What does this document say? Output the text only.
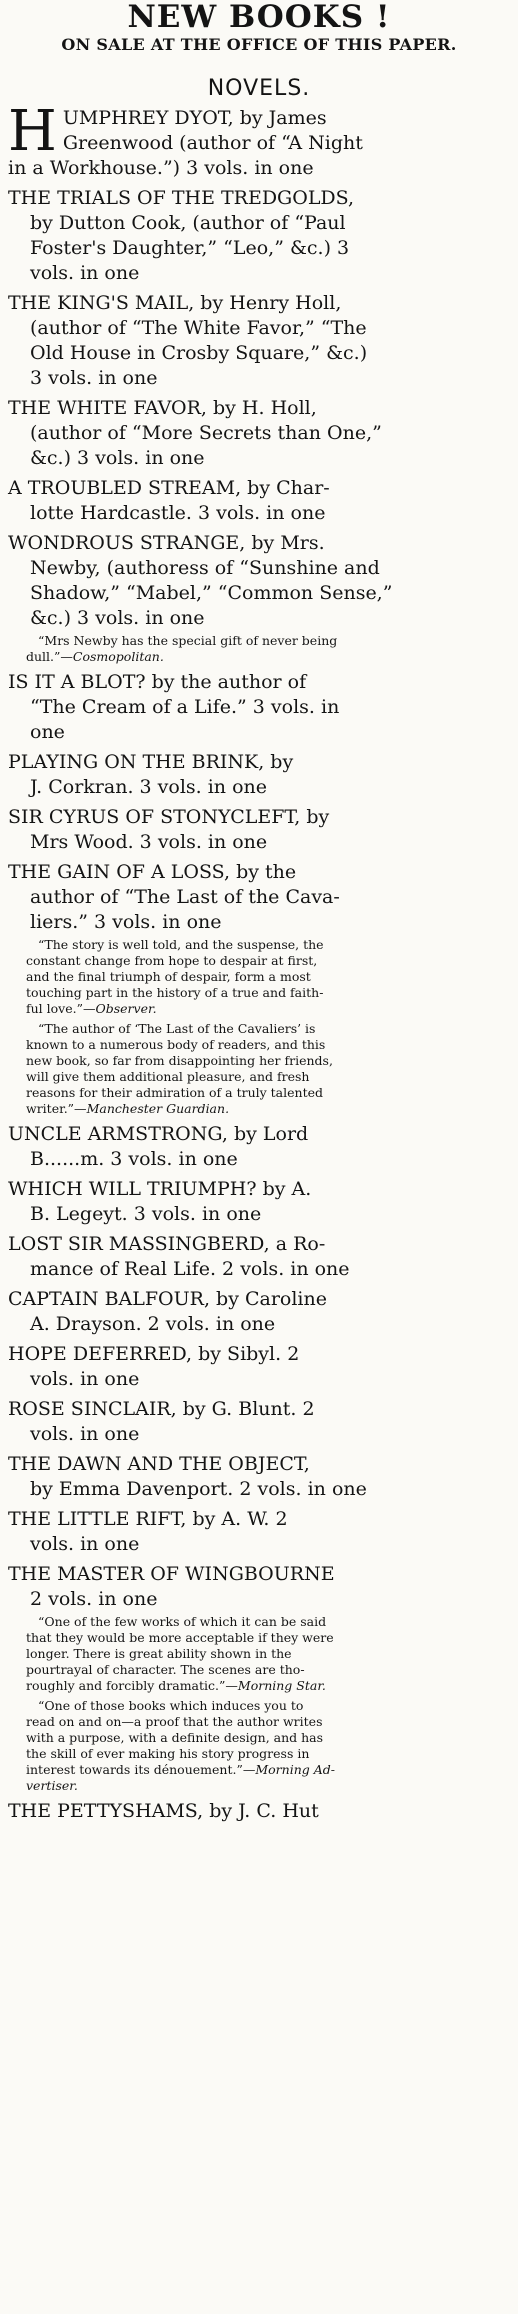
NEW BOOKS !
ON SALE AT THE OFFICE OF THIS PAPER.
NOVELS.
H UMPHREY DYOT, by James
Greenwood (author of “A Night
in a Workhouse.”) 3 vols. in one
THE TRIALS OF THE TREDGOLDS,
by Dutton Cook, (author of “Paul
Foster's Daughter,” “Leo,” &c.) 3
vols. in one
THE KING'S MAIL, by Henry Holl,
(author of “The White Favor,” “The
Old House in Crosby Square,” &c.)
3 vols. in one
THE WHITE FAVOR, by H. Holl,
(author of “More Secrets than One,”
&c.) 3 vols. in one
A TROUBLED STREAM, by Char-
lotte Hardcastle. 3 vols. in one
WONDROUS STRANGE, by Mrs.
Newby, (authoress of “Sunshine and
Shadow,” “Mabel,” “Common Sense,”
&c.) 3 vols. in one
“Mrs Newby has the special gift of never being
dull.”—Cosmopolitan.
IS IT A BLOT? by the author of
“The Cream of a Life.” 3 vols. in
one
PLAYING ON THE BRINK, by
J. Corkran. 3 vols. in one
SIR CYRUS OF STONYCLEFT, by
Mrs Wood. 3 vols. in one
THE GAIN OF A LOSS, by the
author of “The Last of the Cava-
liers.” 3 vols. in one
“The story is well told, and the suspense, the
constant change from hope to despair at first,
and the final triumph of despair, form a most
touching part in the history of a true and faith-
ful love.”—Observer.
“The author of ‘The Last of the Cavaliers’ is
known to a numerous body of readers, and this
new book, so far from disappointing her friends,
will give them additional pleasure, and fresh
reasons for their admiration of a truly talented
writer.”—Manchester Guardian.
UNCLE ARMSTRONG, by Lord
B......m. 3 vols. in one
WHICH WILL TRIUMPH? by A.
B. Legeyt. 3 vols. in one
LOST SIR MASSINGBERD, a Ro-
mance of Real Life. 2 vols. in one
CAPTAIN BALFOUR, by Caroline
A. Drayson. 2 vols. in one
HOPE DEFERRED, by Sibyl. 2
vols. in one
ROSE SINCLAIR, by G. Blunt. 2
vols. in one
THE DAWN AND THE OBJECT,
by Emma Davenport. 2 vols. in one
THE LITTLE RIFT, by A. W. 2
vols. in one
THE MASTER OF WINGBOURNE
2 vols. in one
“One of the few works of which it can be said
that they would be more acceptable if they were
longer. There is great ability shown in the
pourtrayal of character. The scenes are tho-
roughly and forcibly dramatic.”—Morning Star.
“One of those books which induces you to
read on and on—a proof that the author writes
with a purpose, with a definite design, and has
the skill of ever making his story progress in
interest towards its dénouement.”—Morning Ad-
vertiser.
THE PETTYSHAMS, by J. C. Hut
